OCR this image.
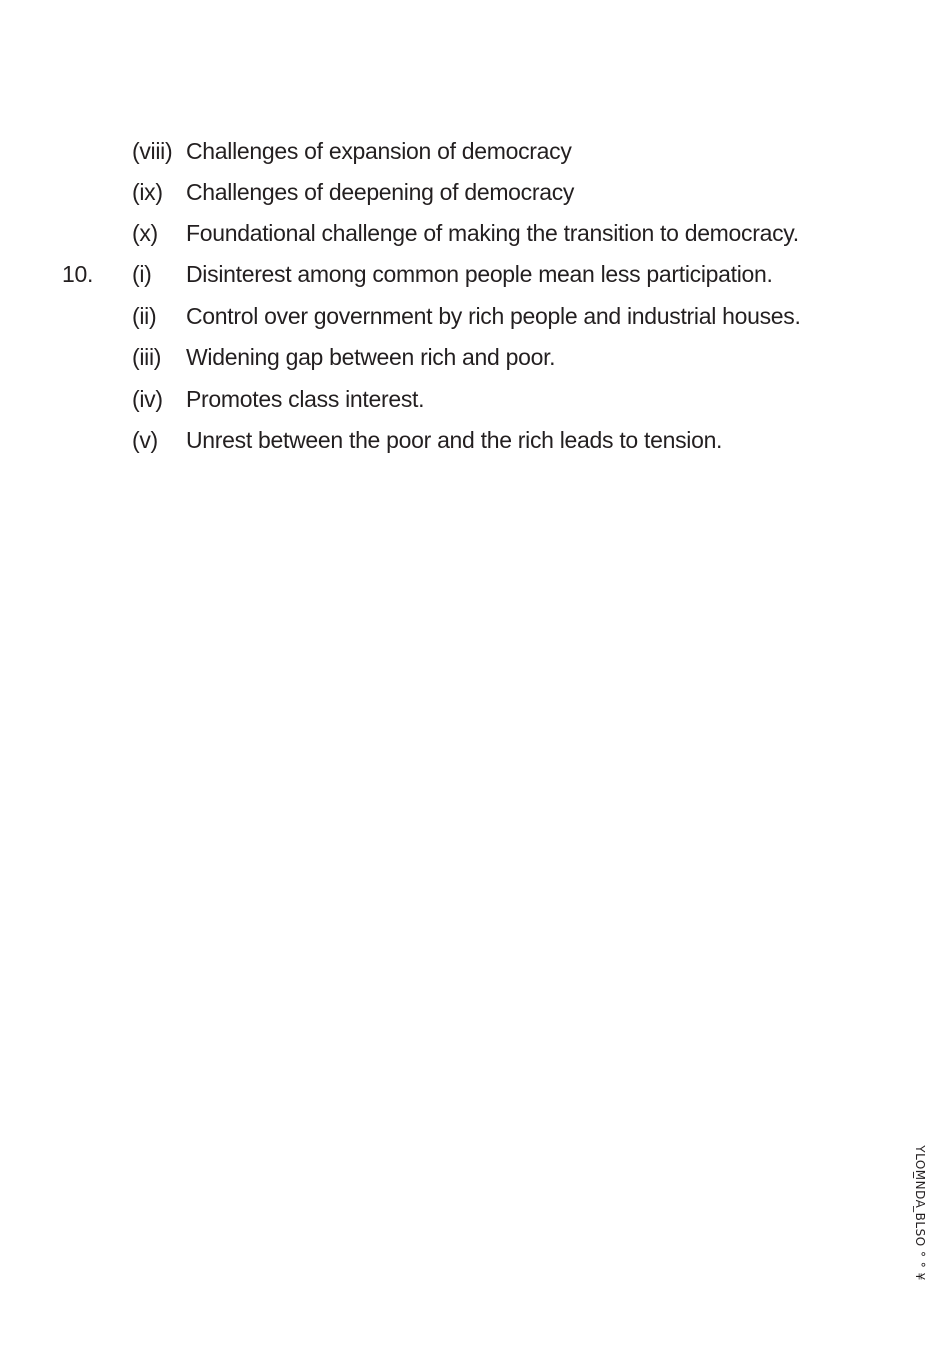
(viii) Challenges of expansion of democracy
(ix) Challenges of deepening of democracy
(x) Foundational challenge of making the transition to democracy.
10. (i) Disinterest among common people mean less participation.
(ii) Control over government by rich people and industrial houses.
(iii) Widening gap between rich and poor.
(iv) Promotes class interest.
(v) Unrest between the poor and the rich leads to tension.
YLOM̲̲NDA ̲BLSO ° ° ¥
